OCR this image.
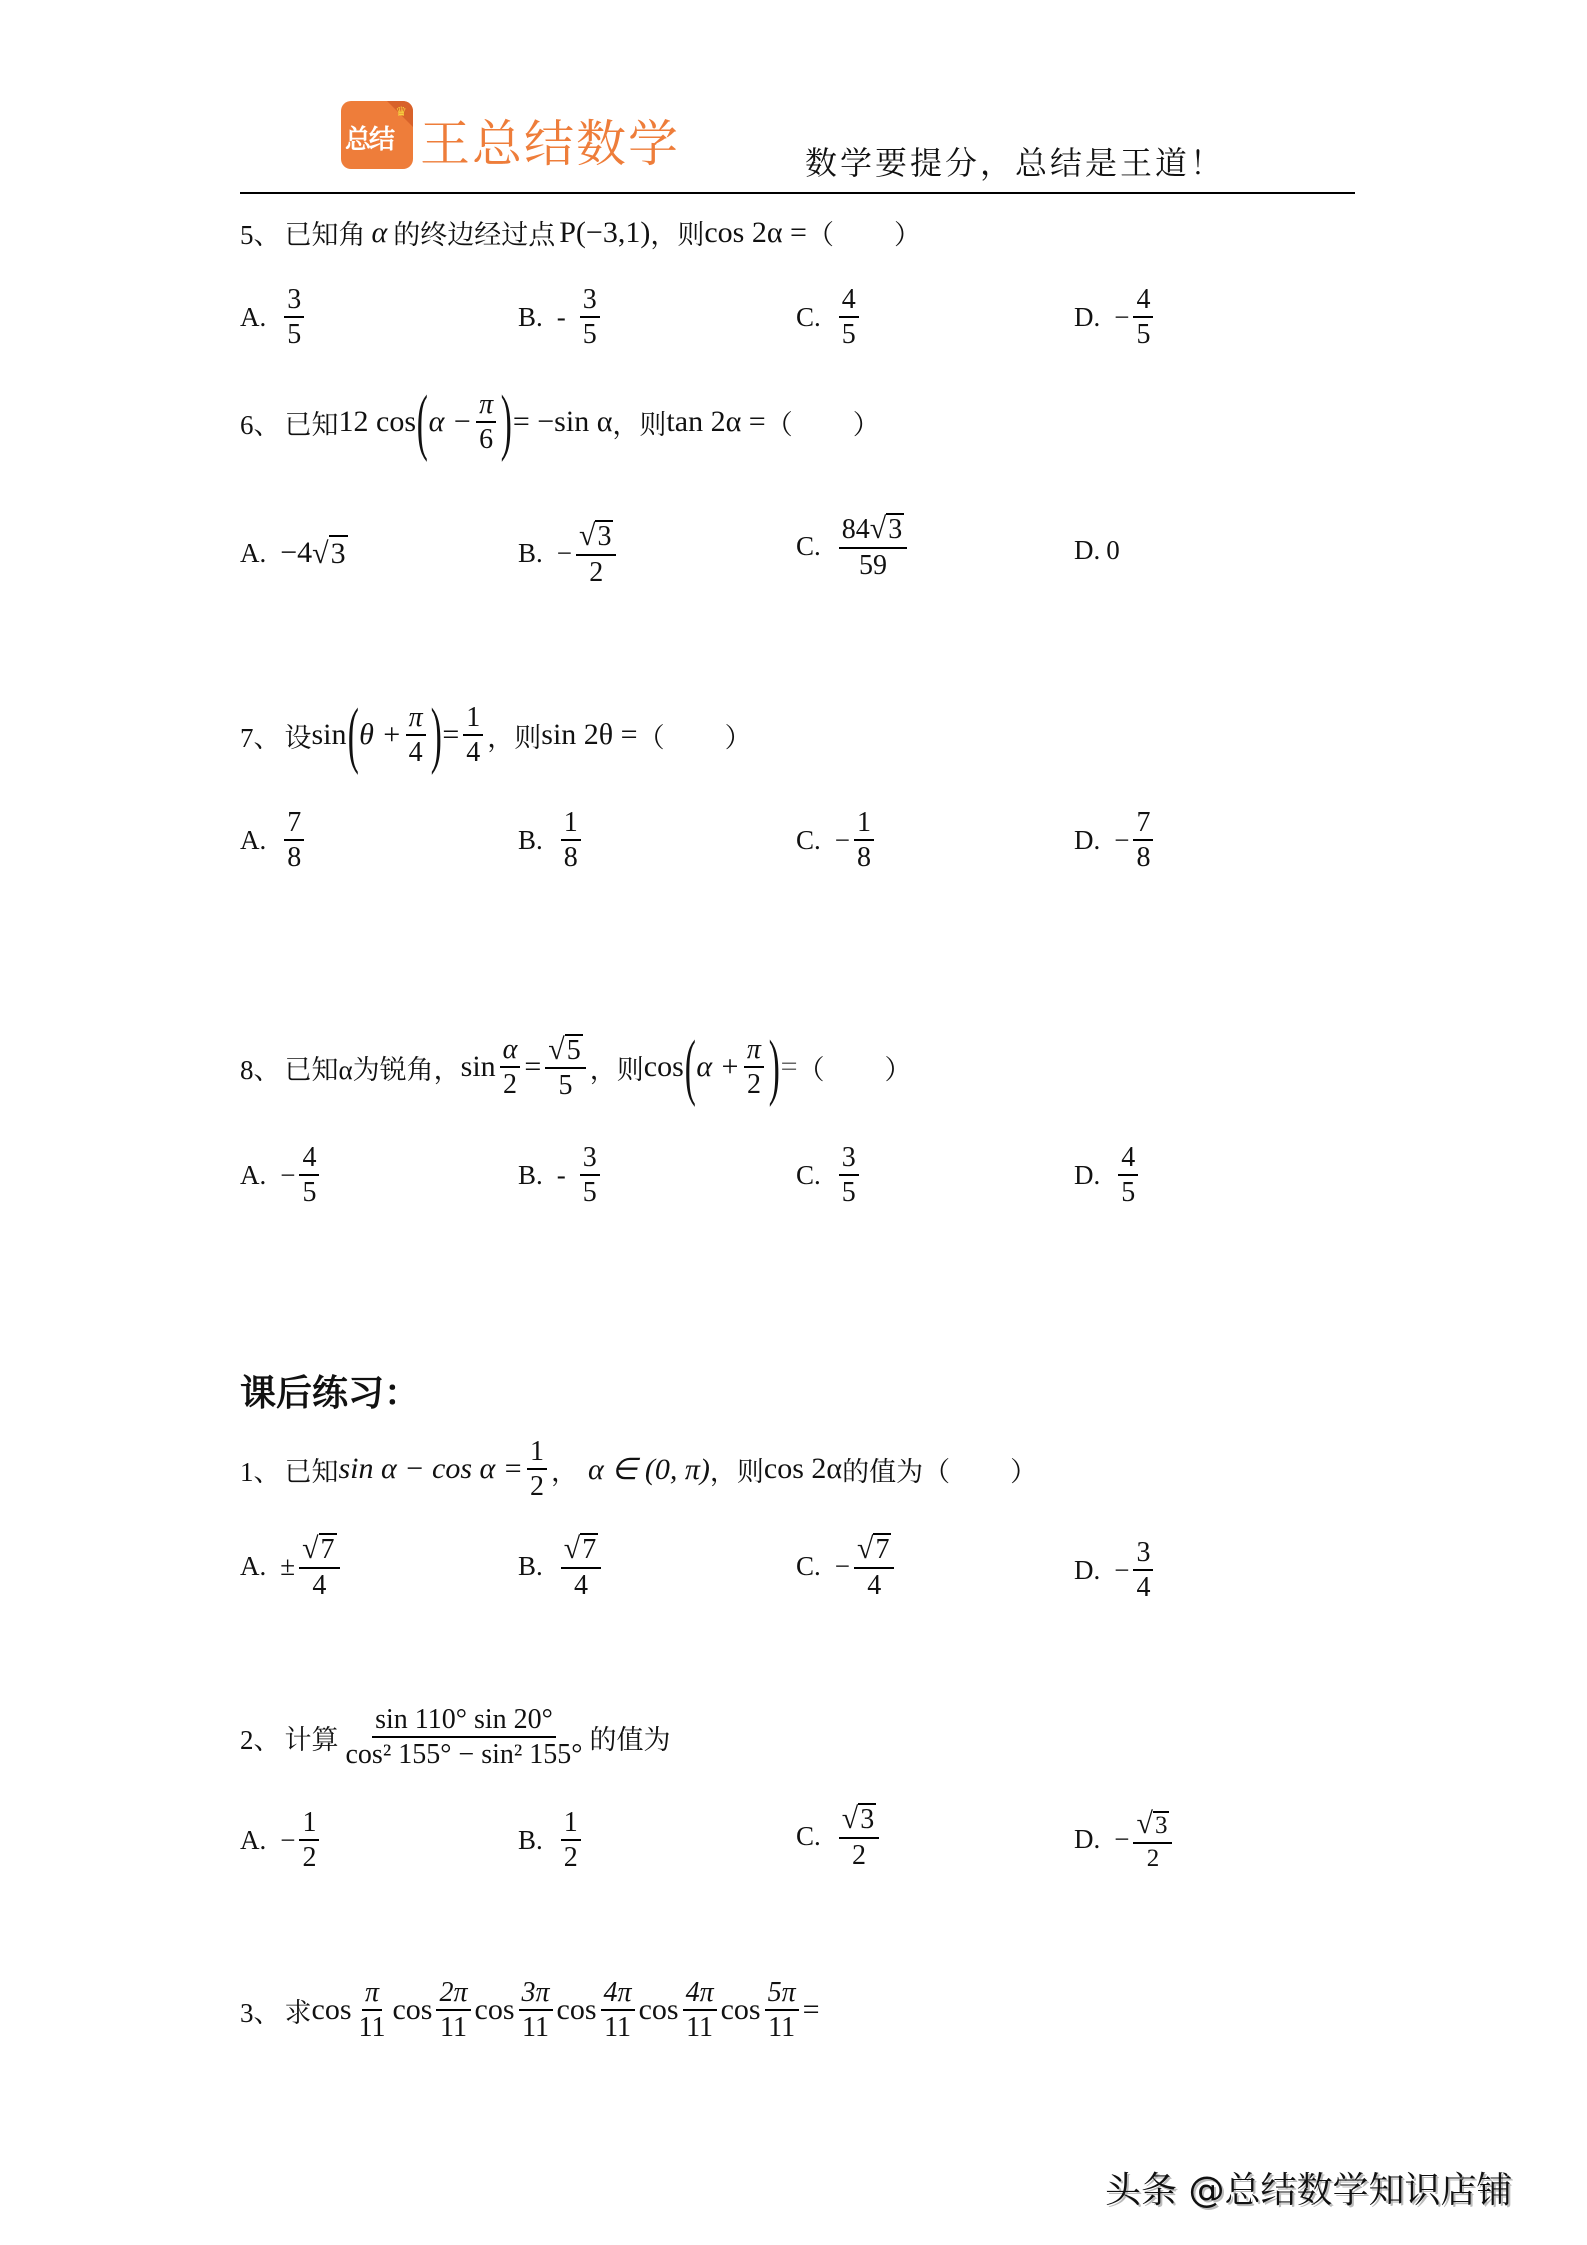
♛
总结 王总结数学	数学要提分，总结是王道！
5、 已知角 α 的终边经过点 P(−3,1) ，则 cos 2α = （ ）
A. $\frac{3}{5}$	B. - $\frac{3}{5}$	C. $\frac{4}{5}$	D. − $\frac{4}{5}$
6、 已知 12 cos ( $\alpha - \frac{\pi}{6}$ ) = −sin α ，则 tan 2α = （ ）
A. −4 √ 3	B. − $\frac{√ 3}{2}$	C. $\frac{84 √ 3}{59}$	D. 0
7、 设 sin ( $\theta + \frac{\pi}{4}$ ) = $\frac{1}{4}$ ，则 sin 2θ = （ ）
A. $\frac{7}{8}$	B. $\frac{1}{8}$	C. − $\frac{1}{8}$	D. − $\frac{7}{8}$
8、 已知α为锐角， $\sin \frac{\alpha}{2} = \frac{√ 5}{5}$ ，则 cos ( $\alpha + \frac{\pi}{2}$ ) = （ ）
A. − $\frac{4}{5}$	B. - $\frac{3}{5}$	C. $\frac{3}{5}$	D. $\frac{4}{5}$
课后练习：
1、 已知 $\sin \alpha - \cos \alpha = \frac{1}{2}$ ， α ∈ (0, π) ，则 cos 2α 的值为 （ ）
A. ± $\frac{√ 7}{4}$	B. $\frac{√ 7}{4}$	C. − $\frac{√ 7}{4}$	D. − $\frac{3}{4}$
2、 计算 $\frac{\sin 110^\circ \sin 20^\circ}{\text{cos² 155° − sin² 155°}}$ 的值为
A. − $\frac{1}{2}$	B. $\frac{1}{2}$	C. $\frac{√ 3}{2}$	D. − $\frac{√ 3}{2}$
3、 求 $\cos \frac{\pi}{11}$ $\cos \frac{2\pi}{11}$ $\cos \frac{3\pi}{11}$ $\cos \frac{4\pi}{11}$ $\cos \frac{4\pi}{11}$ $\cos \frac{5\pi}{11}$ =
头条 @总结数学知识店铺
